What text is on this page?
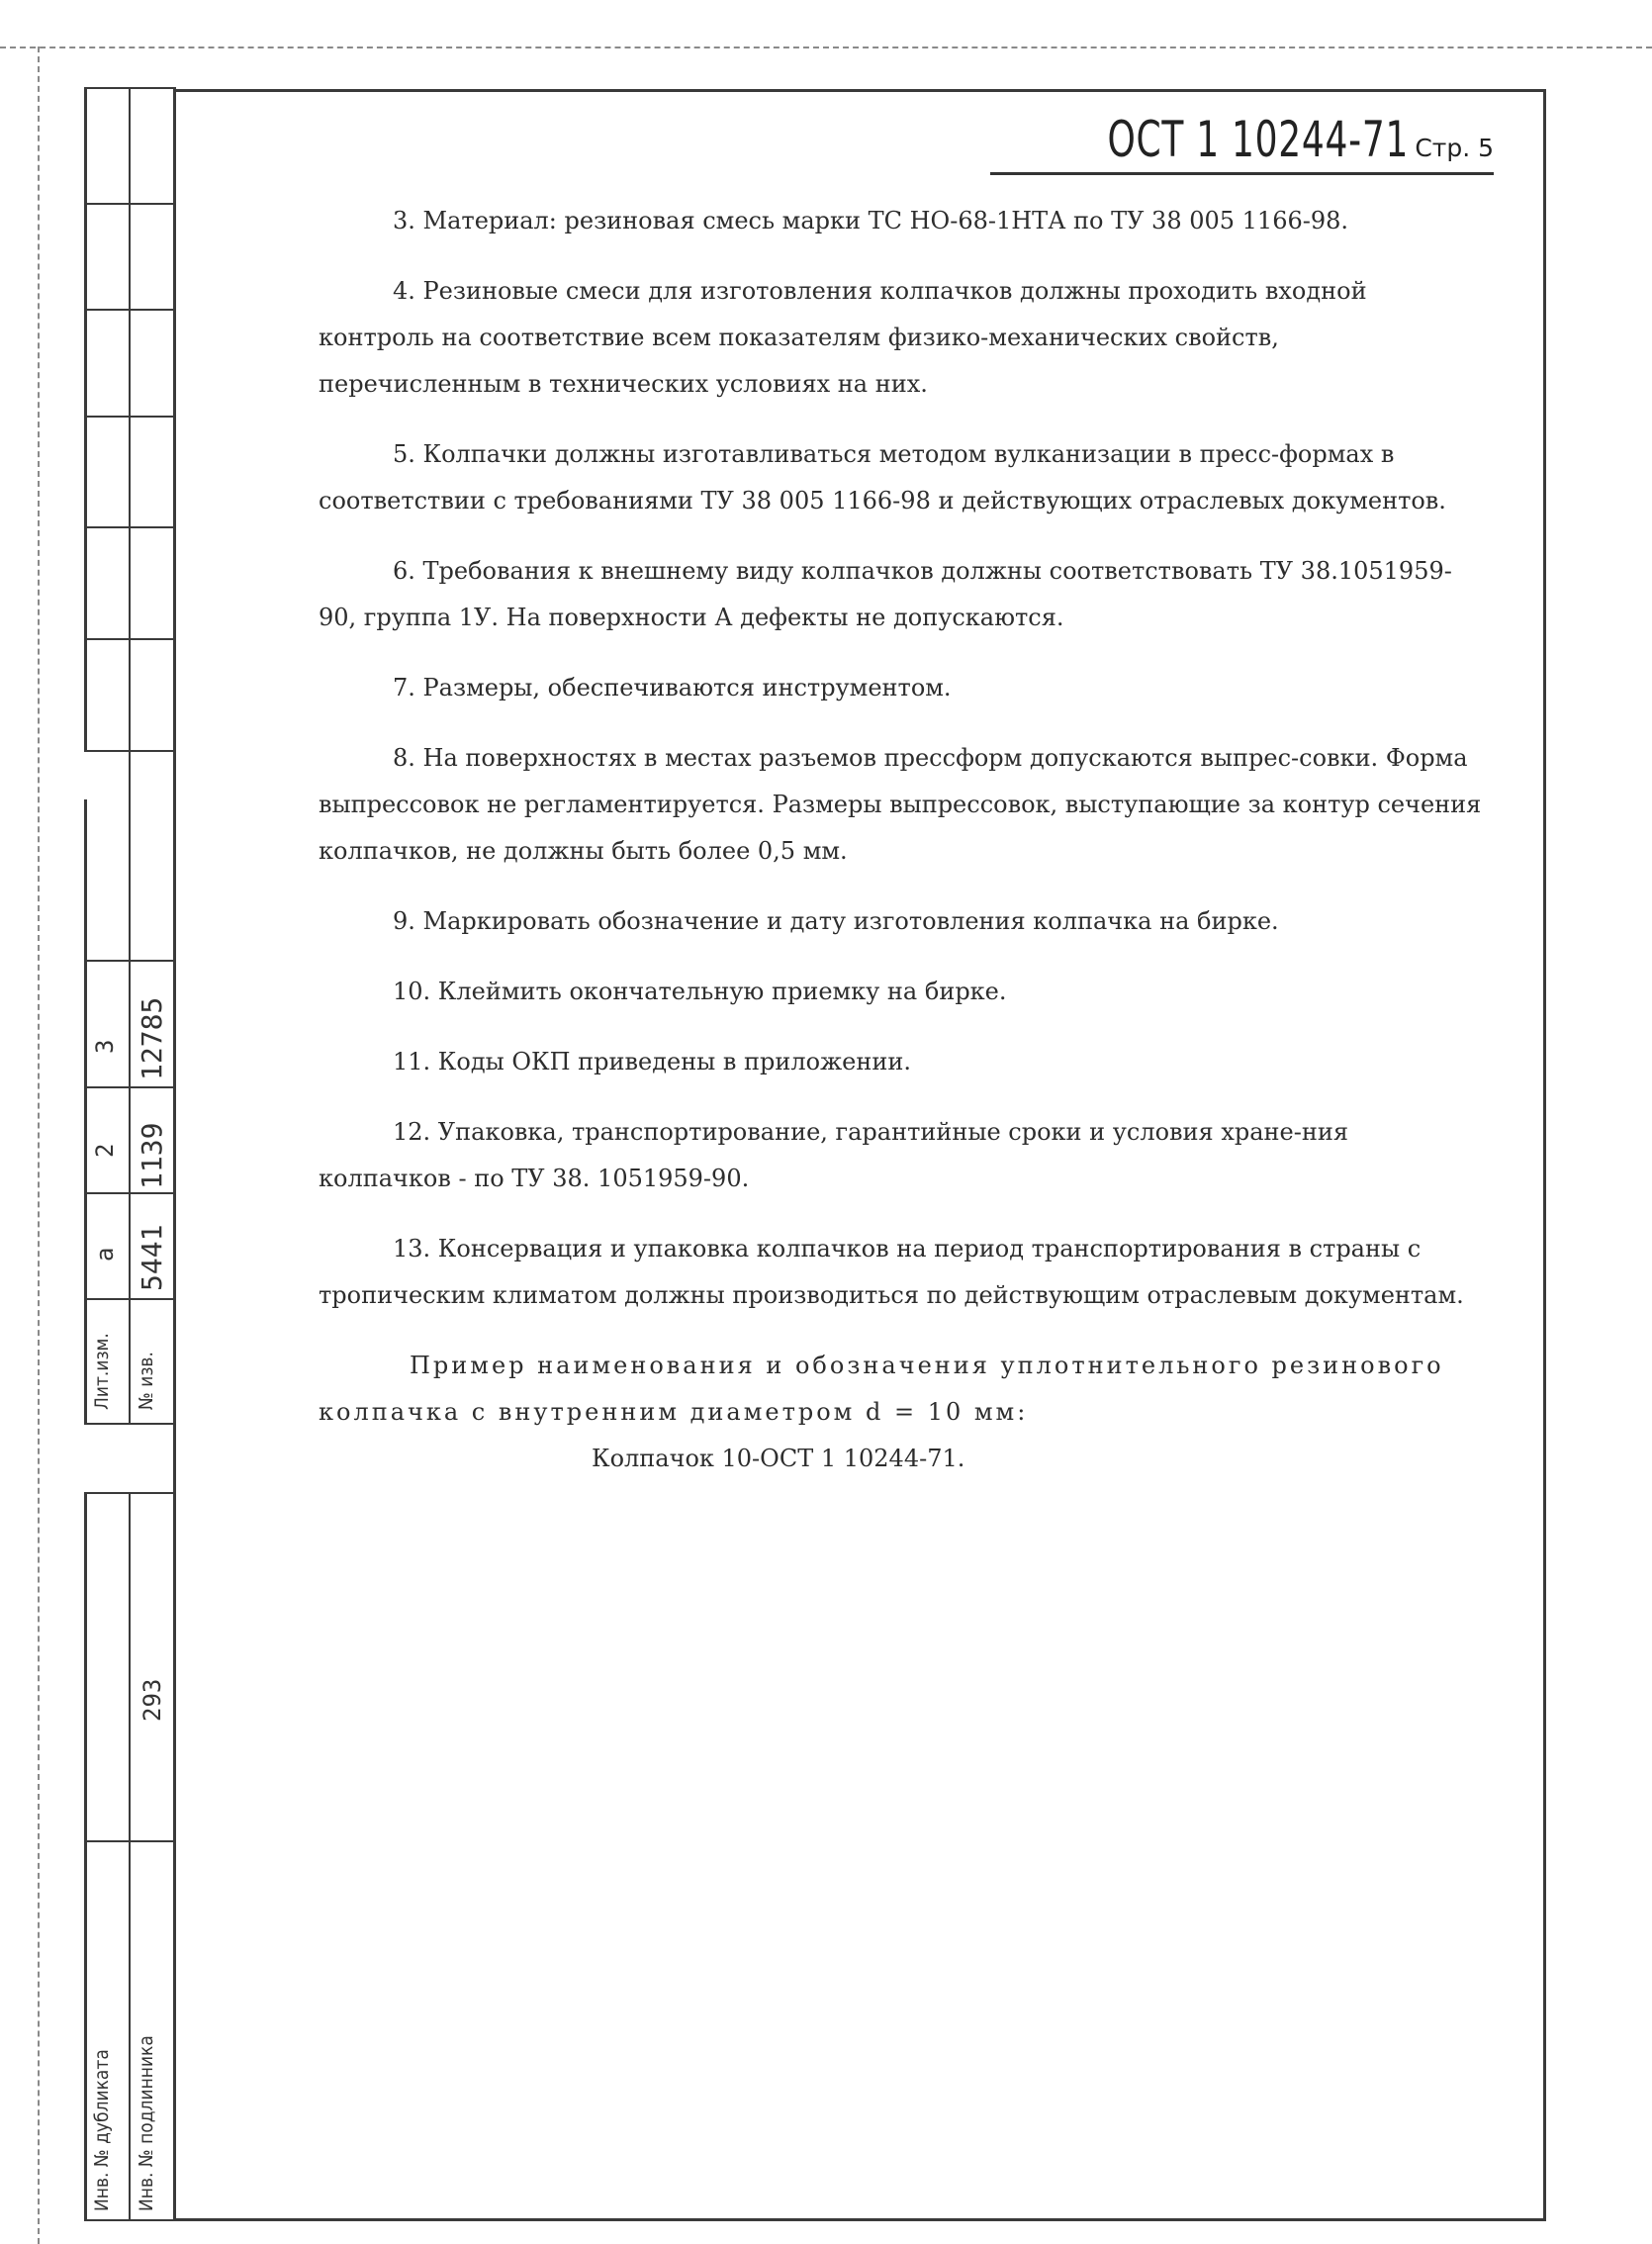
Лит.изм. № изв.
а
2
3
5441
1139
12785
Инв. № дубликата Инв. № подлинника
293
ОСТ 1 10244-71 Стр. 5

3. Материал: резиновая смесь марки ТС НО-68-1НТА по ТУ 38 005 1166-98.

4. Резиновые смеси для изготовления колпачков должны проходить входной контроль на соответствие всем показателям физико-механических свойств, перечисленным в технических условиях на них.

5. Колпачки должны изготавливаться методом вулканизации в пресс-формах в соответствии с требованиями ТУ 38 005 1166-98 и действующих отраслевых документов.

6. Требования к внешнему виду колпачков должны соответствовать ТУ 38.1051959-90, группа 1У. На поверхности А дефекты не допускаются.

7. Размеры, обеспечиваются инструментом.

8. На поверхностях в местах разъемов прессформ допускаются выпрес-совки. Форма выпрессовок не регламентируется. Размеры выпрессовок, выступающие за контур сечения колпачков, не должны быть более 0,5 мм.

9. Маркировать обозначение и дату изготовления колпачка на бирке.

10. Клеймить окончательную приемку на бирке.

11. Коды ОКП приведены в приложении.

12. Упаковка, транспортирование, гарантийные сроки и условия хране-ния колпачков - по ТУ 38. 1051959-90.

13. Консервация и упаковка колпачков на период транспортирования в страны с тропическим климатом должны производиться по действующим отраслевым документам.

Пример наименования и обозначения уплотнительного резинового колпачка с внутренним диаметром d = 10 мм:

Колпачок 10-ОСТ 1 10244-71.
